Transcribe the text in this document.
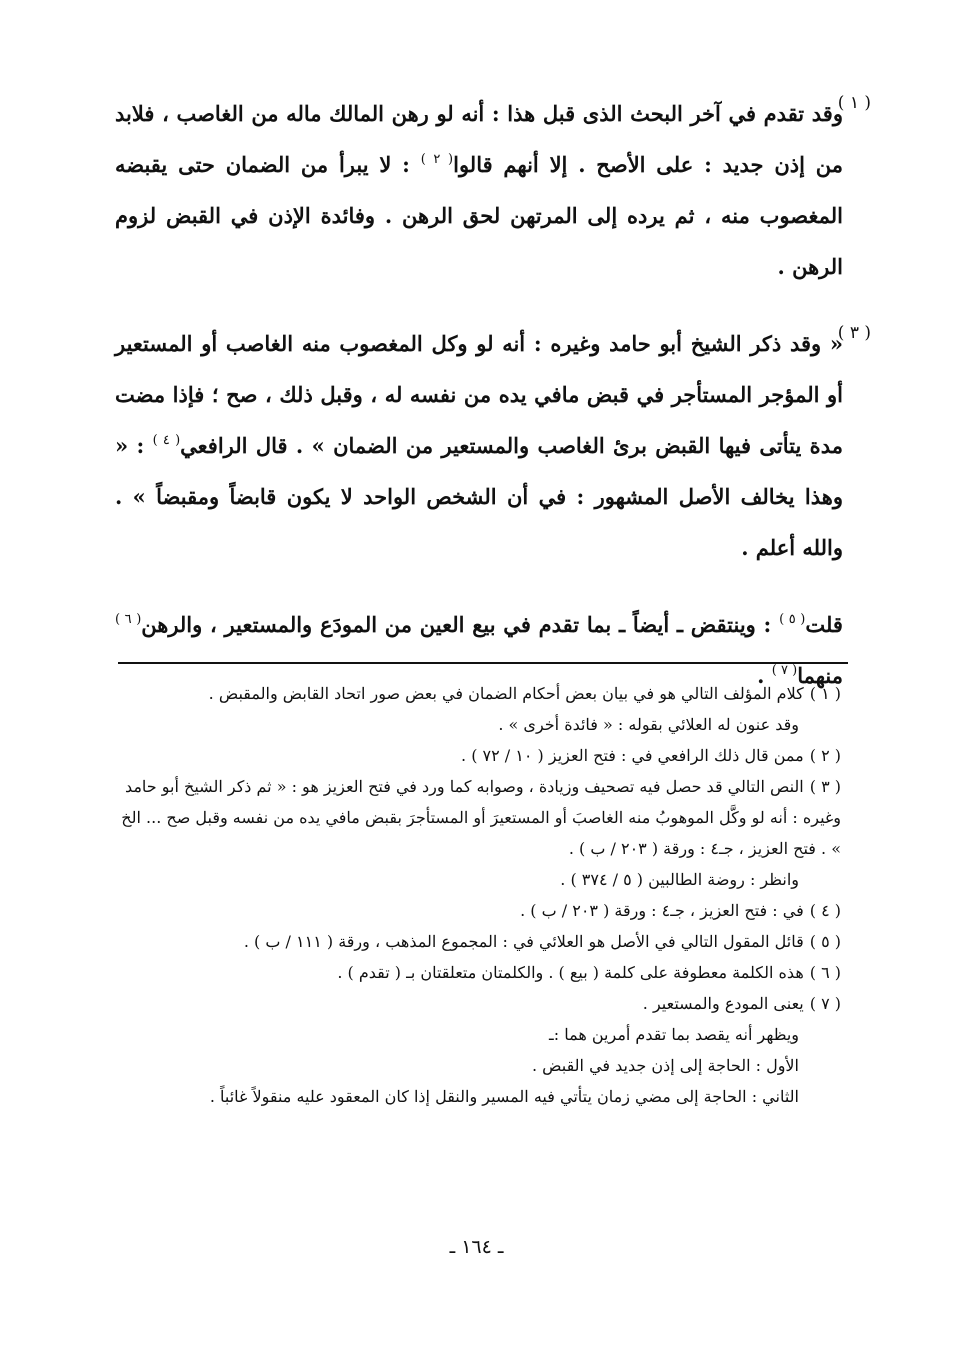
( ١ )
وقد تقدم في آخر البحث الذى قبل هذا : أنه لو رهن المالك ماله من الغاصب ، فلابد من إذن جديد : على الأصح . إلا أنهم قالوا$^{( ٢ )}$ : لا يبرأ من الضمان حتى يقبضه المغصوب منه ، ثم يرده إلى المرتهن لحق الرهن . وفائدة الإذن في القبض لزوم الرهن .

( ٣ )
« وقد ذكر الشيخ أبو حامد وغيره : أنه لو وكل المغصوب منه الغاصب أو المستعير أو المؤجر المستأجر في قبض مافي يده من نفسه له ، وقبل ذلك ، صح ؛ فإذا مضت مدة يتأتى فيها القبض برئ الغاصب والمستعير من الضمان » . قال الرافعي$^{( ٤ )}$ : « وهذا يخالف الأصل المشهور : في أن الشخص الواحد لا يكون قابضاً ومقبضاً » . والله أعلم .

قلت$^{( ٥ )}$ : وينتقض ـ أيضاً ـ بما تقدم في بيع العين من المودَع والمستعير ، والرهن$^{( ٦ )}$ منهما$^{( ٧ )}$ .

( ١ )كلام المؤلف التالي هو في بيان بعض أحكام الضمان في بعض صور اتحاد القابض والمقبض .

وقد عنون له العلائي بقوله : « فائدة أخرى » .

( ٢ )ممن قال ذلك الرافعي في : فتح العزيز ( ١٠ / ٧٢ ) .

( ٣ )النص التالي قد حصل فيه تصحيف وزيادة ، وصوابه كما ورد في فتح العزيز هو : « ثم ذكر الشيخ أبو حامد وغيره : أنه لو وكَّل الموهوبُ منه الغاصبَ أو المستعيرَ أو المستأجرَ بقبض مافي يده من نفسه وقبل صح ... الخ » . فتح العزيز ، جـ٤ : ورقة ( ٢٠٣ / ب ) .

وانظر : روضة الطالبين ( ٥ / ٣٧٤ ) .

( ٤ )في : فتح العزيز ، جـ٤ : ورقة ( ٢٠٣ / ب ) .

( ٥ )قائل المقول التالي في الأصل هو العلائي في : المجموع المذهب ، ورقة ( ١١١ / ب ) .

( ٦ )هذه الكلمة معطوفة على كلمة ( بيع ) . والكلمتان متعلقتان بـ ( تقدم ) .

( ٧ )يعنى المودع والمستعير .

ويظهر أنه يقصد بما تقدم أمرين هما :ـ

الأول : الحاجة إلى إذن جديد في القبض .

الثاني : الحاجة إلى مضي زمان يتأتي فيه المسير والنقل إذا كان المعقود عليه منقولاً غائباً .

ـ ١٦٤ ـ
